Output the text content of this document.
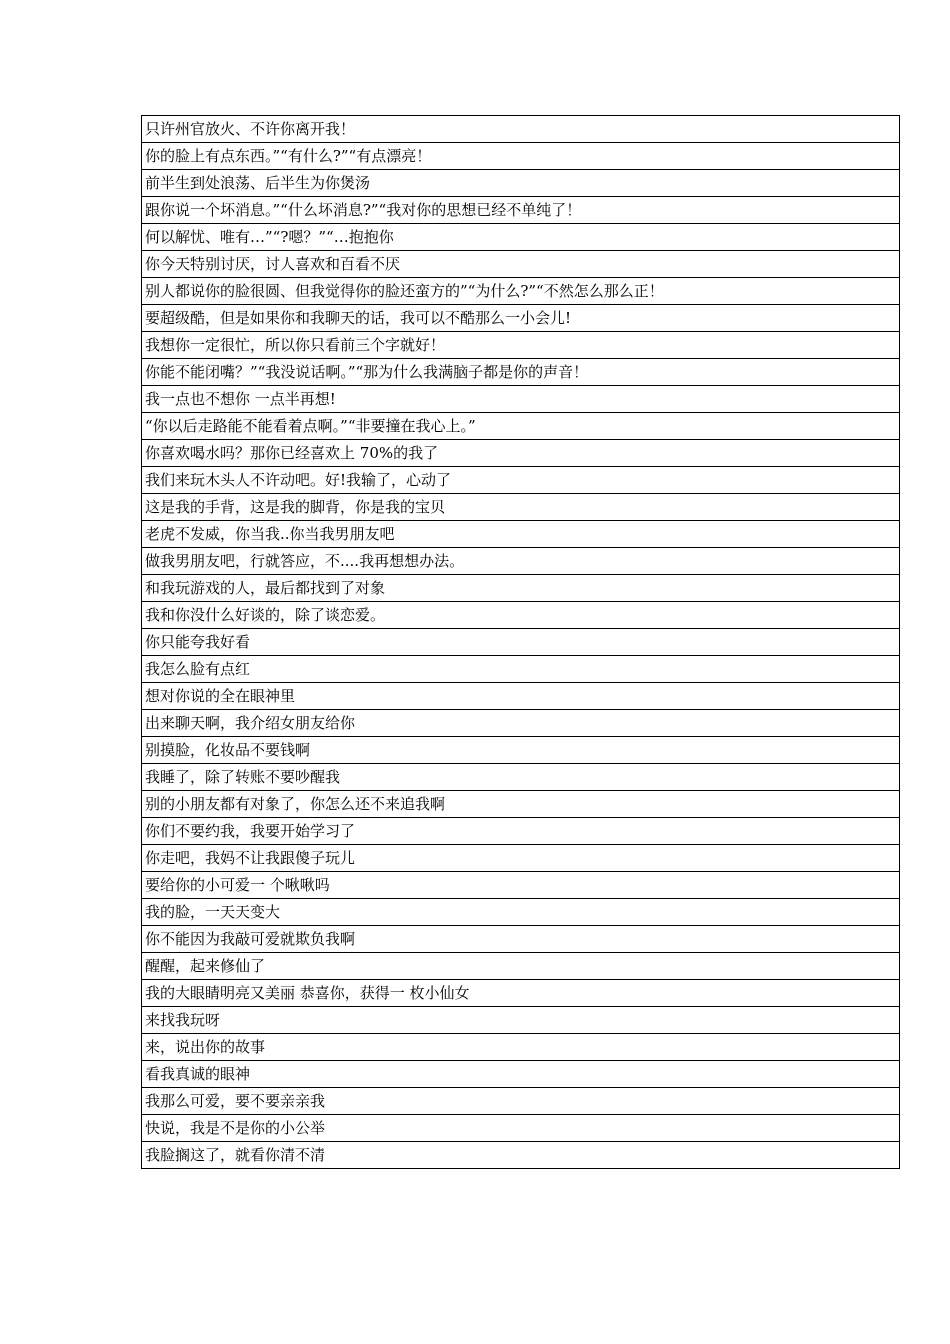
只许州官放火、不许你离开我！
你的脸上有点东西。”“有什么?”“有点漂亮！
前半生到处浪荡、后半生为你煲汤
跟你说一个坏消息。”“什么坏消息?”“我对你的思想已经不单纯了！
何以解忧、唯有…”“?嗯？”“…抱抱你
你今天特别讨厌，讨人喜欢和百看不厌
别人都说你的脸很圆、但我觉得你的脸还蛮方的”“为什么?”“不然怎么那么正！
要超级酷，但是如果你和我聊天的话，我可以不酷那么一小会儿!
我想你一定很忙，所以你只看前三个字就好！
你能不能闭嘴？”“我没说话啊。”“那为什么我满脑子都是你的声音！
我一点也不想你 一点半再想!
“你以后走路能不能看着点啊。”“非要撞在我心上。”
你喜欢喝水吗？那你已经喜欢上 70%的我了
我们来玩木头人不许动吧。好!我输了，心动了
这是我的手背，这是我的脚背，你是我的宝贝
老虎不发威，你当我..你当我男朋友吧
做我男朋友吧，行就答应，不....我再想想办法。
和我玩游戏的人，最后都找到了对象
我和你没什么好谈的，除了谈恋爱。
你只能夸我好看
我怎么脸有点红
想对你说的全在眼神里
出来聊天啊，我介绍女朋友给你
别摸脸，化妆品不要钱啊
我睡了，除了转账不要吵醒我
别的小朋友都有对象了，你怎么还不来追我啊
你们不要约我，我要开始学习了
你走吧，我妈不让我跟傻子玩儿
要给你的小可爱一 个啾啾吗
我的脸，一天天变大
你不能因为我敲可爱就欺负我啊
醒醒，起来修仙了
我的大眼睛明亮又美丽 恭喜你，获得一 枚小仙女
来找我玩呀
来，说出你的故事
看我真诚的眼神
我那么可爱，要不要亲亲我
快说，我是不是你的小公举
我脸搁这了，就看你清不清
